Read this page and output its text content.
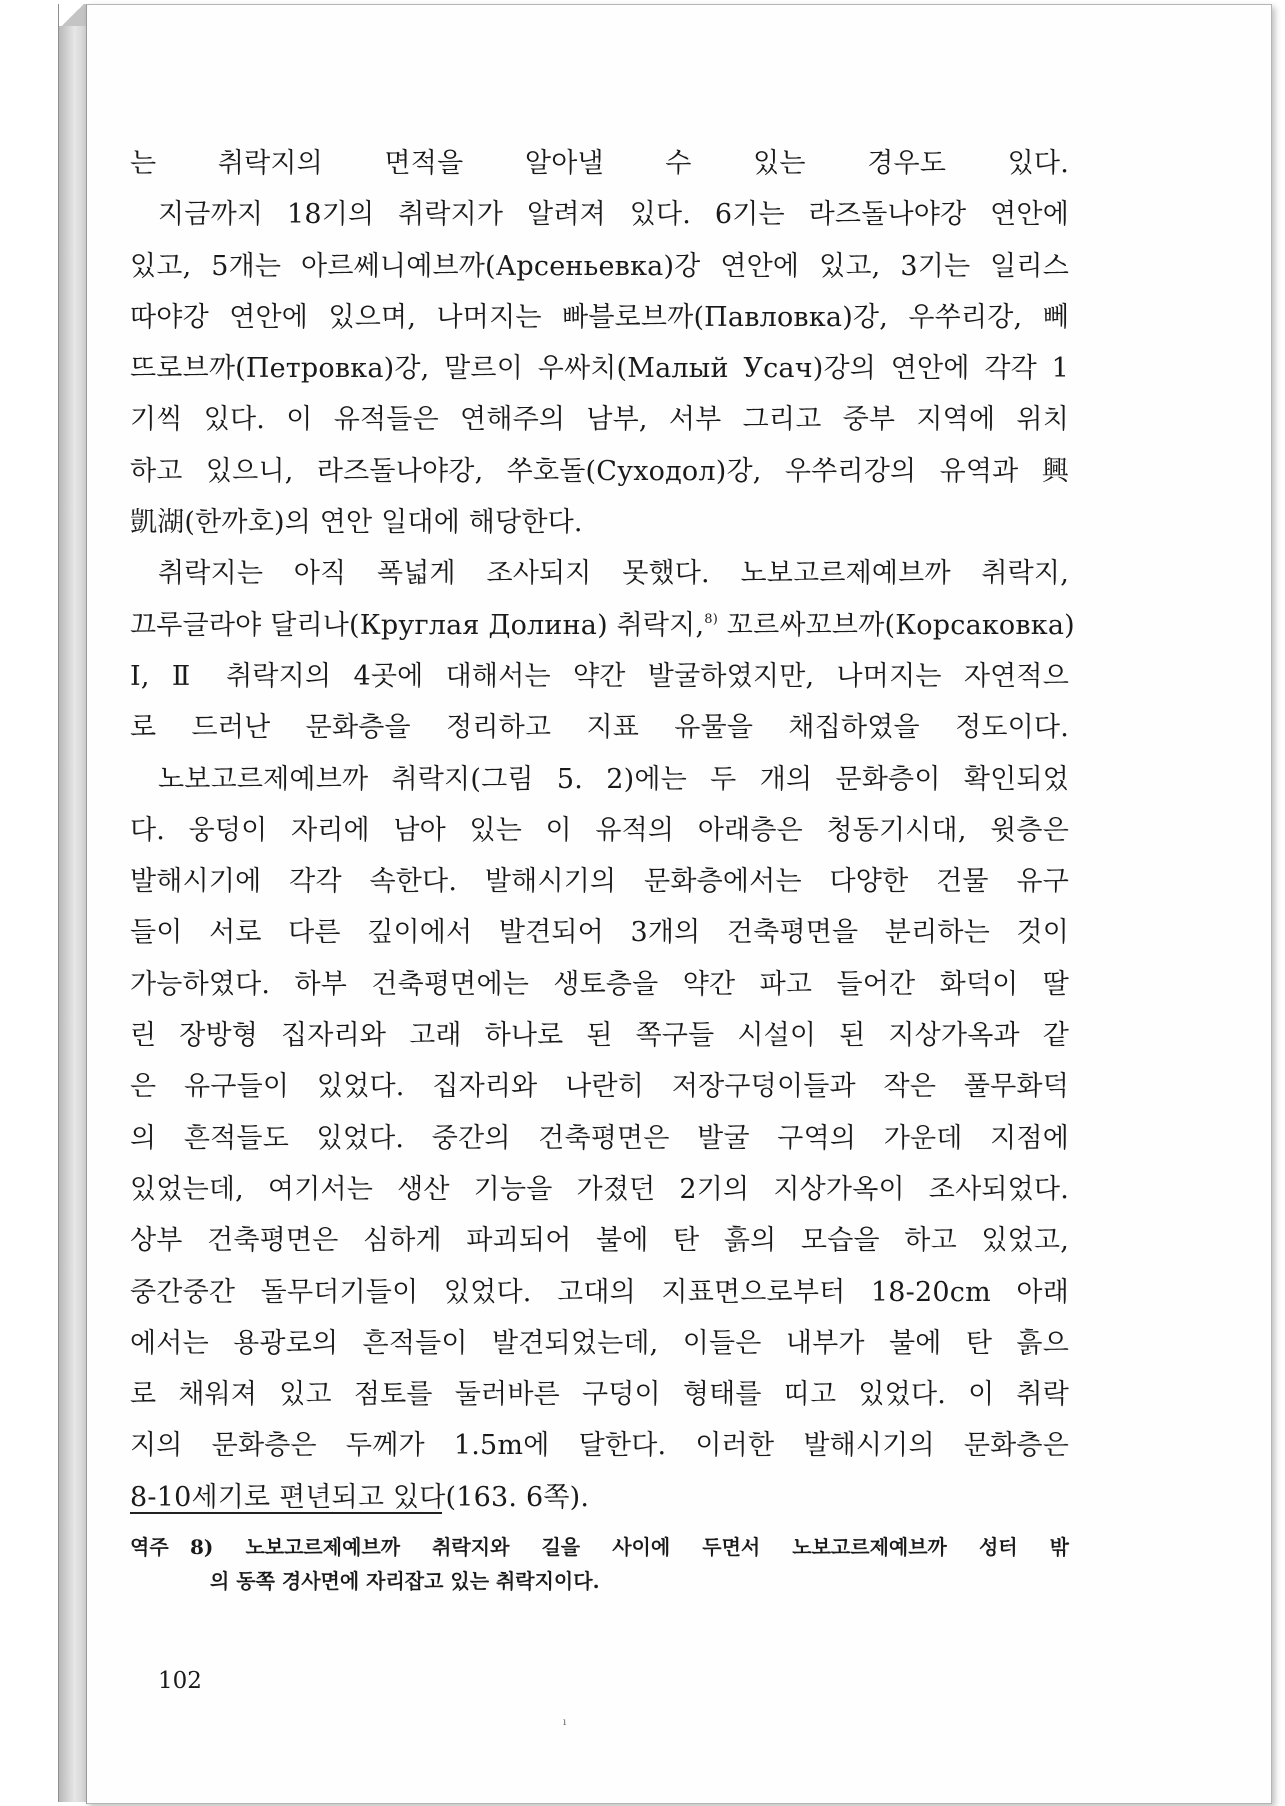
는 취락지의 면적을 알아낼 수 있는 경우도 있다.
지금까지 18기의 취락지가 알려져 있다. 6기는 라즈돌나야강 연안에
있고, 5개는 아르쎄니예브까(Арсеньевка)강 연안에 있고, 3기는 일리스
따야강 연안에 있으며, 나머지는 빠블로브까(Павловка)강, 우쑤리강, 뻬
뜨로브까(Петровка)강, 말르이 우싸치(Малый Усач)강의 연안에 각각 1
기씩 있다. 이 유적들은 연해주의 남부, 서부 그리고 중부 지역에 위치
하고 있으니, 라즈돌나야강, 쑤호돌(Суходол)강, 우쑤리강의 유역과 興
凱湖(한까호)의 연안 일대에 해당한다.
취락지는 아직 폭넓게 조사되지 못했다. 노보고르제예브까 취락지,
끄루글라야 달리나(Круглая Долина) 취락지,$^{8)}$ 꼬르싸꼬브까(Корсаковка)
I, Ⅱ 취락지의 4곳에 대해서는 약간 발굴하였지만, 나머지는 자연적으
로 드러난 문화층을 정리하고 지표 유물을 채집하였을 정도이다.
노보고르제예브까 취락지(그림 5. 2)에는 두 개의 문화층이 확인되었
다. 웅덩이 자리에 남아 있는 이 유적의 아래층은 청동기시대, 윗층은
발해시기에 각각 속한다. 발해시기의 문화층에서는 다양한 건물 유구
들이 서로 다른 깊이에서 발견되어 3개의 건축평면을 분리하는 것이
가능하였다. 하부 건축평면에는 생토층을 약간 파고 들어간 화덕이 딸
린 장방형 집자리와 고래 하나로 된 쪽구들 시설이 된 지상가옥과 같
은 유구들이 있었다. 집자리와 나란히 저장구덩이들과 작은 풀무화덕
의 흔적들도 있었다. 중간의 건축평면은 발굴 구역의 가운데 지점에
있었는데, 여기서는 생산 기능을 가졌던 2기의 지상가옥이 조사되었다.
상부 건축평면은 심하게 파괴되어 불에 탄 흙의 모습을 하고 있었고,
중간중간 돌무더기들이 있었다. 고대의 지표면으로부터 18-20cm 아래
에서는 용광로의 흔적들이 발견되었는데, 이들은 내부가 불에 탄 흙으
로 채워져 있고 점토를 둘러바른 구덩이 형태를 띠고 있었다. 이 취락
지의 문화층은 두께가 1.5m에 달한다. 이러한 발해시기의 문화층은
8-10세기로 편년되고 있다(163. 6쪽).
역주	8) 노보고르제예브까 취락지와 길을 사이에 두면서 노보고르제예브까 성터 밖
의 동쪽 경사면에 자리잡고 있는 취락지이다.
102
ı
